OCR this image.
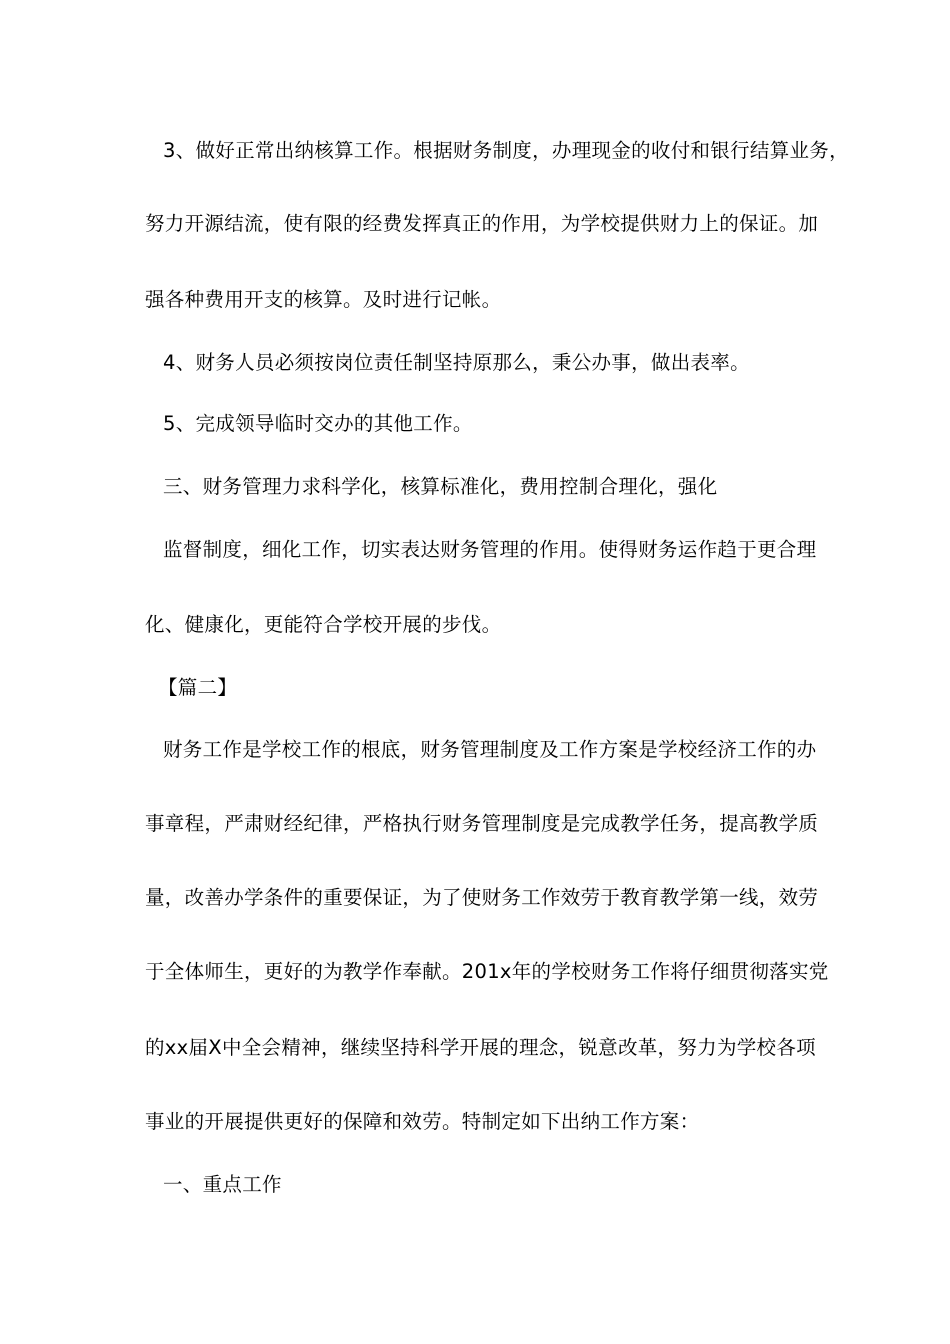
3、做好正常出纳核算工作。根据财务制度，办理现金的收付和银行结算业务，
努力开源结流，使有限的经费发挥真正的作用，为学校提供财力上的保证。加
强各种费用开支的核算。及时进行记帐。
4、财务人员必须按岗位责任制坚持原那么，秉公办事，做出表率。
5、完成领导临时交办的其他工作。
三、财务管理力求科学化，核算标准化，费用控制合理化，强化
监督制度，细化工作，切实表达财务管理的作用。使得财务运作趋于更合理
化、健康化，更能符合学校开展的步伐。
【篇二】
财务工作是学校工作的根底，财务管理制度及工作方案是学校经济工作的办
事章程，严肃财经纪律，严格执行财务管理制度是完成教学任务，提高教学质
量，改善办学条件的重要保证，为了使财务工作效劳于教育教学第一线，效劳
于全体师生，更好的为教学作奉献。201x年的学校财务工作将仔细贯彻落实党
的xx届X中全会精神，继续坚持科学开展的理念，锐意改革，努力为学校各项
事业的开展提供更好的保障和效劳。特制定如下出纳工作方案：
一、重点工作
